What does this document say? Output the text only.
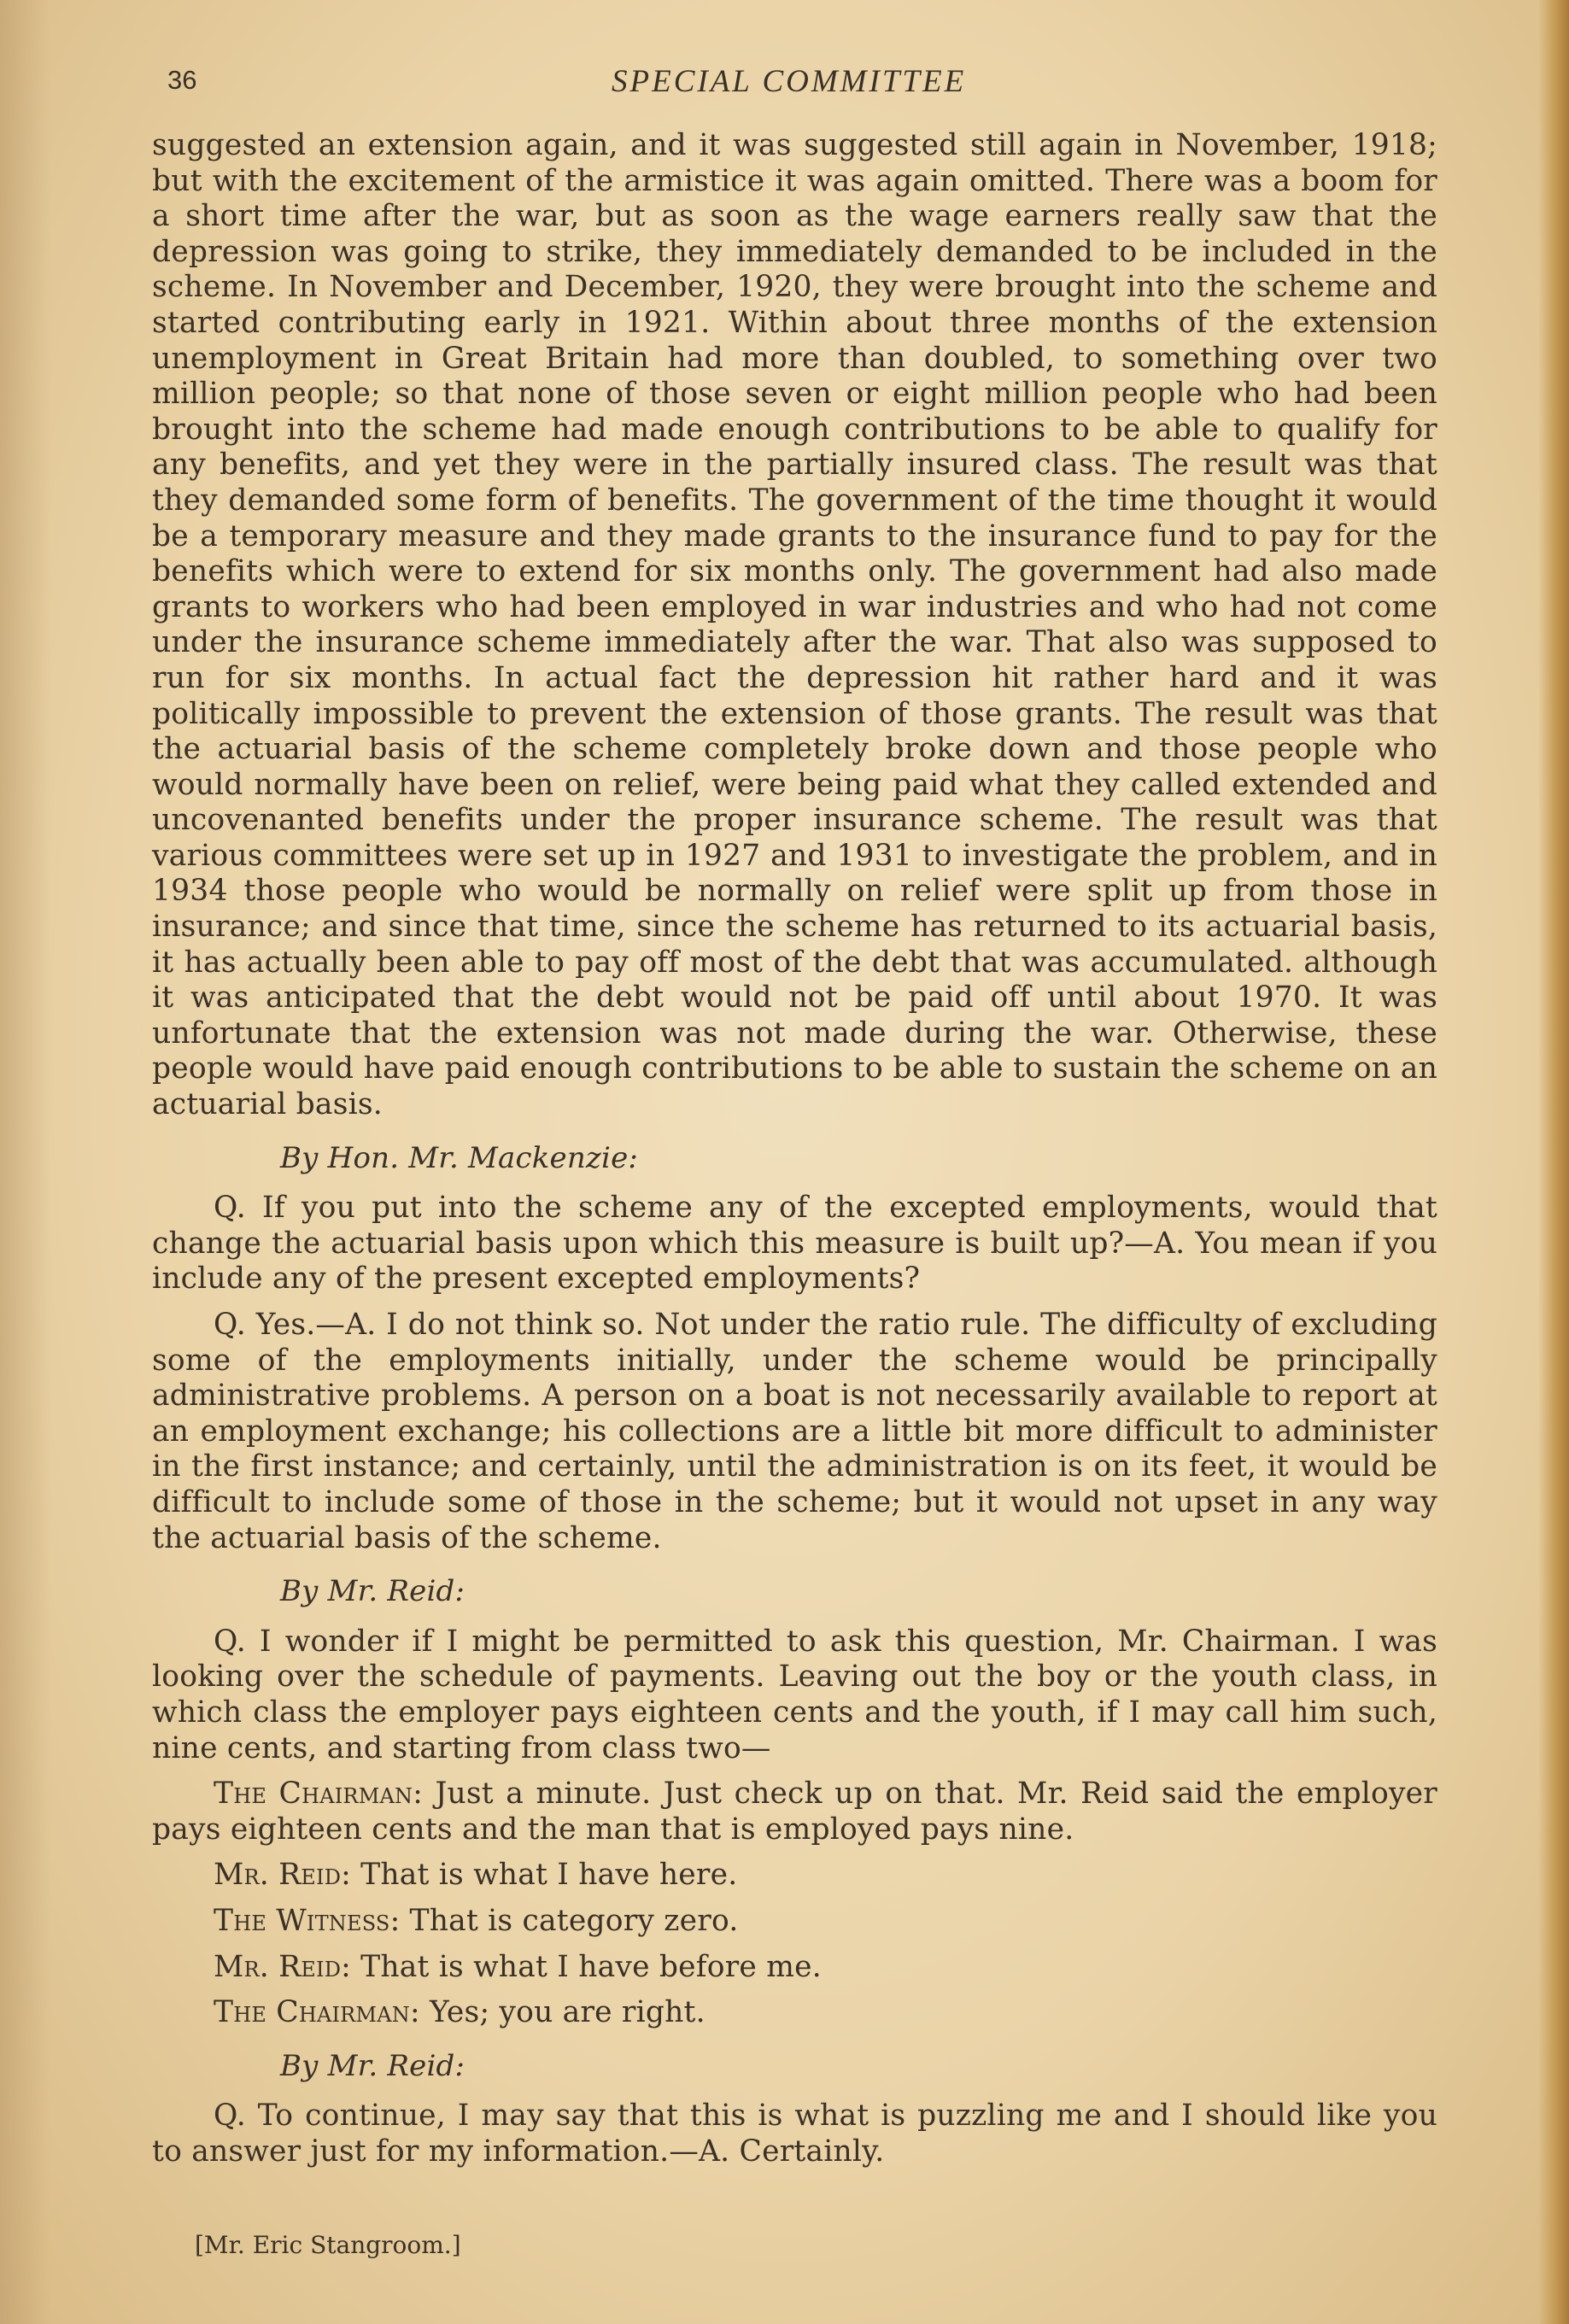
36	SPECIAL COMMITTEE

suggested an extension again, and it was suggested still again in November, 1918; but with the excitement of the armistice it was again omitted. There was a boom for a short time after the war, but as soon as the wage earners really saw that the depression was going to strike, they immediately demanded to be included in the scheme. In November and December, 1920, they were brought into the scheme and started contributing early in 1921. Within about three months of the extension unemployment in Great Britain had more than doubled, to something over two million people; so that none of those seven or eight million people who had been brought into the scheme had made enough contributions to be able to qualify for any benefits, and yet they were in the partially insured class. The result was that they demanded some form of benefits. The government of the time thought it would be a temporary measure and they made grants to the insurance fund to pay for the benefits which were to extend for six months only. The government had also made grants to workers who had been employed in war industries and who had not come under the insurance scheme immediately after the war. That also was supposed to run for six months. In actual fact the depression hit rather hard and it was politically impossible to prevent the extension of those grants. The result was that the actuarial basis of the scheme completely broke down and those people who would normally have been on relief, were being paid what they called extended and uncovenanted benefits under the proper insurance scheme. The result was that various committees were set up in 1927 and 1931 to investigate the problem, and in 1934 those people who would be normally on relief were split up from those in insurance; and since that time, since the scheme has returned to its actuarial basis, it has actually been able to pay off most of the debt that was accumulated. although it was anticipated that the debt would not be paid off until about 1970. It was unfortunate that the extension was not made during the war. Otherwise, these people would have paid enough contributions to be able to sustain the scheme on an actuarial basis.

By Hon. Mr. Mackenzie:

Q. If you put into the scheme any of the excepted employments, would that change the actuarial basis upon which this measure is built up?—A. You mean if you include any of the present excepted employments?

Q. Yes.—A. I do not think so. Not under the ratio rule. The difficulty of excluding some of the employments initially, under the scheme would be principally administrative problems. A person on a boat is not necessarily available to report at an employment exchange; his collections are a little bit more difficult to administer in the first instance; and certainly, until the administration is on its feet, it would be difficult to include some of those in the scheme; but it would not upset in any way the actuarial basis of the scheme.

By Mr. Reid:

Q. I wonder if I might be permitted to ask this question, Mr. Chairman. I was looking over the schedule of payments. Leaving out the boy or the youth class, in which class the employer pays eighteen cents and the youth, if I may call him such, nine cents, and starting from class two—

The Chairman: Just a minute. Just check up on that. Mr. Reid said the employer pays eighteen cents and the man that is employed pays nine.

Mr. Reid: That is what I have here.

The Witness: That is category zero.

Mr. Reid: That is what I have before me.

The Chairman: Yes; you are right.

By Mr. Reid:

Q. To continue, I may say that this is what is puzzling me and I should like you to answer just for my information.—A. Certainly.

[Mr. Eric Stangroom.]
